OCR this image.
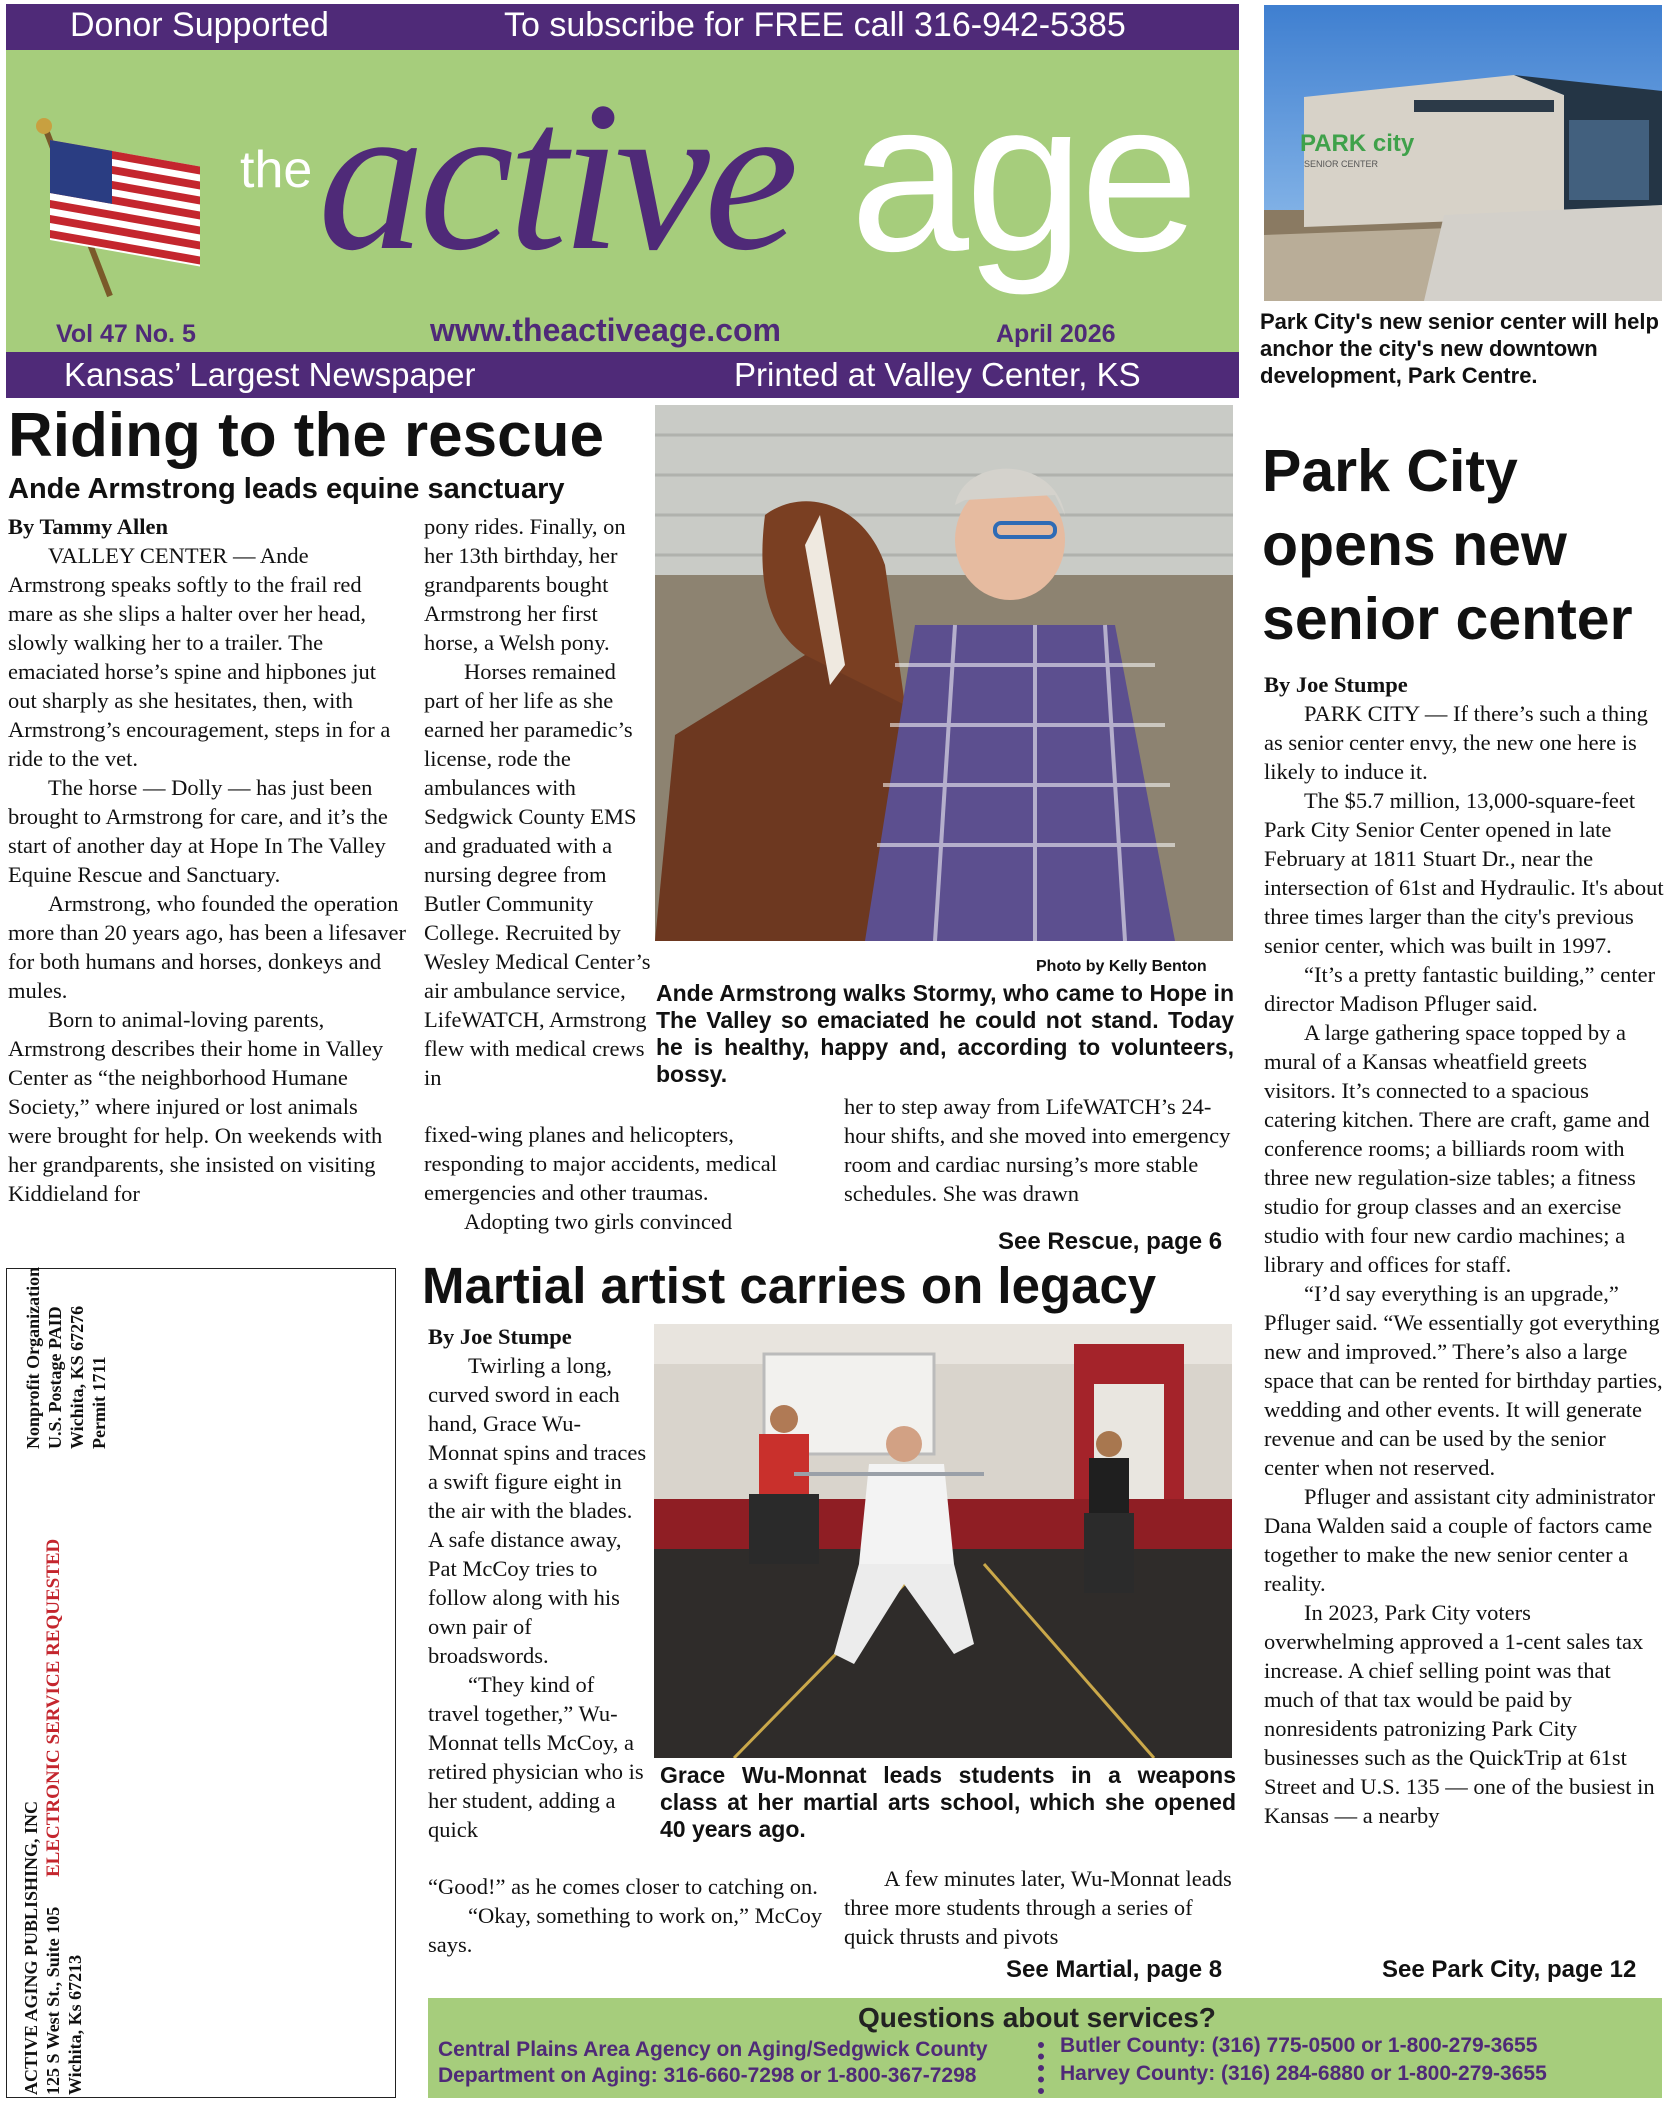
Donor Supported	To subscribe for FREE call 316-942-5385
the active age
Vol 47 No. 5	www.theactiveage.com	April 2026
Kansas’ Largest Newspaper	Printed at Valley Center, KS
PARK city
SENIOR CENTER
Park City's new senior center will help anchor the city's new downtown development, Park Centre.
Riding to the rescue
Ande Armstrong leads equine sanctuary

By Tammy Allen

VALLEY CENTER — Ande Armstrong speaks softly to the frail red mare as she slips a halter over her head, slowly walking her to a trailer. The emaciated horse’s spine and hipbones jut out sharply as she hesitates, then, with Armstrong’s encouragement, steps in for a ride to the vet.

The horse — Dolly — has just been brought to Armstrong for care, and it’s the start of another day at Hope In The Valley Equine Rescue and Sanctuary.

Armstrong, who founded the operation more than 20 years ago, has been a lifesaver for both humans and horses, donkeys and mules.

Born to animal-loving parents, Armstrong describes their home in Valley Center as “the neighborhood Humane Society,” where injured or lost animals were brought for help. On weekends with her grandparents, she insisted on visiting Kiddieland for

pony rides. Finally, on her 13th birthday, her grandparents bought Armstrong her first horse, a Welsh pony.

Horses remained part of her life as she earned her paramedic’s license, rode the ambulances with Sedgwick County EMS and graduated with a nursing degree from Butler Community College. Recruited by Wesley Medical Center’s air ambulance service, LifeWATCH, Armstrong flew with medical crews in

fixed-wing planes and helicopters, responding to major accidents, medical emergencies and other traumas.

Adopting two girls convinced

her to step away from LifeWATCH’s 24-hour shifts, and she moved into emergency room and cardiac nursing’s more stable schedules. She was drawn

See Rescue, page 6
Photo by Kelly Benton
Ande Armstrong walks Stormy, who came to Hope in The Valley so emaciated he could not stand. Today he is healthy, happy and, according to volunteers, bossy.
Park City opens new senior center

By Joe Stumpe

PARK CITY — If there’s such a thing as senior center envy, the new one here is likely to induce it.

The $5.7 million, 13,000-square-feet Park City Senior Center opened in late February at 1811 Stuart Dr., near the intersection of 61st and Hydraulic. It's about three times larger than the city's previous senior center, which was built in 1997.

“It’s a pretty fantastic building,” center director Madison Pfluger said.

A large gathering space topped by a mural of a Kansas wheatfield greets visitors. It’s connected to a spacious catering kitchen. There are craft, game and conference rooms; a billiards room with three new regulation-size tables; a fitness studio for group classes and an exercise studio with four new cardio machines; a library and offices for staff.

“I’d say everything is an upgrade,” Pfluger said. “We essentially got everything new and improved.” There’s also a large space that can be rented for birthday parties, wedding and other events. It will generate revenue and can be used by the senior center when not reserved.

Pfluger and assistant city administrator Dana Walden said a couple of factors came together to make the new senior center a reality.

In 2023, Park City voters overwhelming approved a 1-cent sales tax increase. A chief selling point was that much of that tax would be paid by nonresidents patronizing Park City businesses such as the QuickTrip at 61st Street and U.S. 135 — one of the busiest in Kansas — a nearby

See Park City, page 12
Martial artist carries on legacy

By Joe Stumpe

Twirling a long, curved sword in each hand, Grace Wu-Monnat spins and traces a swift figure eight in the air with the blades. A safe distance away, Pat McCoy tries to follow along with his own pair of broadswords.

“They kind of travel together,” Wu-Monnat tells McCoy, a retired physician who is her student, adding a quick

“Good!” as he comes closer to catching on.

“Okay, something to work on,” McCoy says.

A few minutes later, Wu-Monnat leads three more students through a series of quick thrusts and pivots

See Martial, page 8
Grace Wu-Monnat leads students in a weapons class at her martial arts school, which she opened 40 years ago.
Nonprofit Organization U.S. Postage PAID Wichita, KS 67276 Permit 1711
ELECTRONIC SERVICE REQUESTED
ACTIVE AGING PUBLISHING, INC 125 S West St., Suite 105 Wichita, Ks 67213	Questions about services?
Central Plains Area Agency on Aging/Sedgwick County
Department on Aging: 316-660-7298 or 1-800-367-7298
Butler County: (316) 775-0500 or 1-800-279-3655
Harvey County: (316) 284-6880 or 1-800-279-3655
